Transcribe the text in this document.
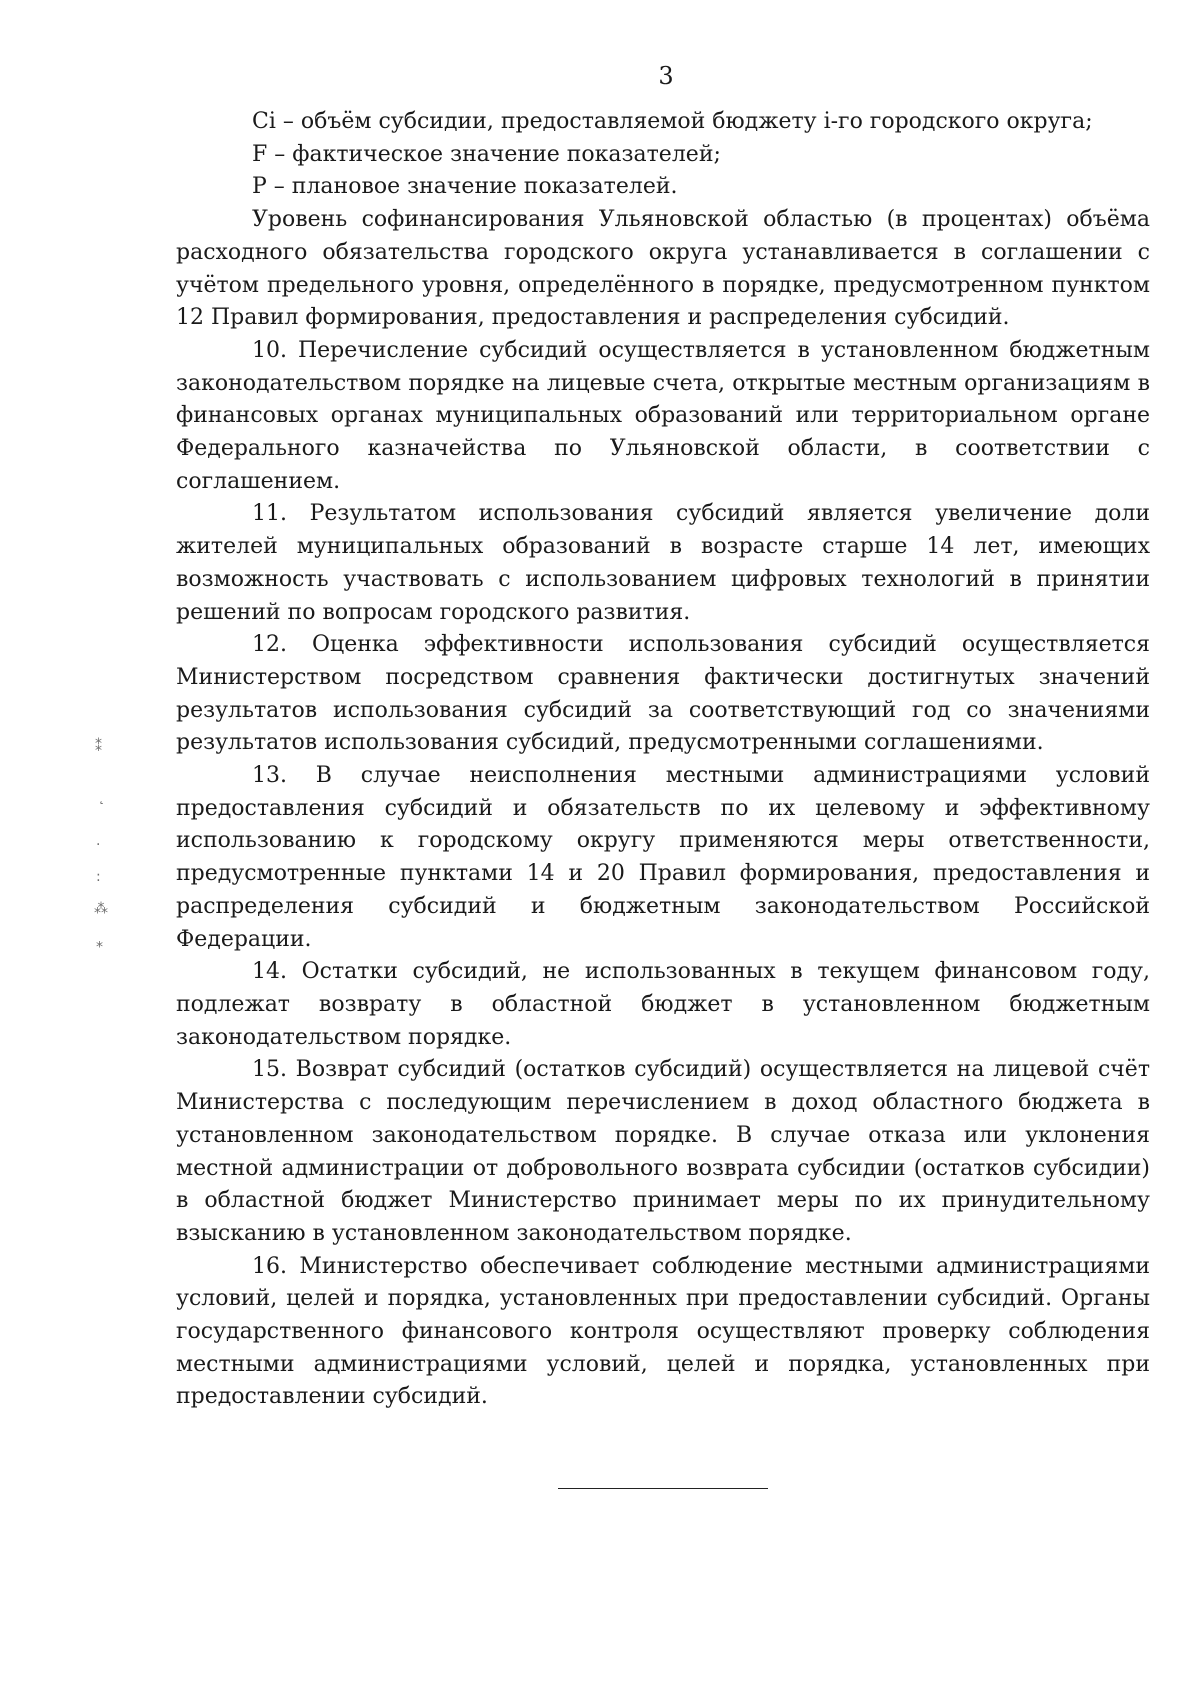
3

Ci – объём субсидии, предоставляемой бюджету i-го городского округа;

F – фактическое значение показателей;

P – плановое значение показателей.

Уровень софинансирования Ульяновской областью (в процентах) объёма расходного обязательства городского округа устанавливается в соглашении с учётом предельного уровня, определённого в порядке, предусмотренном пунктом 12 Правил формирования, предоставления и распределения субсидий.

10. Перечисление субсидий осуществляется в установленном бюджетным законодательством порядке на лицевые счета, открытые местным организациям в финансовых органах муниципальных образований или территориальном органе Федерального казначейства по Ульяновской области, в соответствии с соглашением.

11. Результатом использования субсидий является увеличение доли жителей муниципальных образований в возрасте старше 14 лет, имеющих возможность участвовать с использованием цифровых технологий в принятии решений по вопросам городского развития.

12. Оценка эффективности использования субсидий осуществляется Министерством посредством сравнения фактически достигнутых значений результатов использования субсидий за соответствующий год со значениями результатов использования субсидий, предусмотренными соглашениями.

13. В случае неисполнения местными администрациями условий предоставления субсидий и обязательств по их целевому и эффективному использованию к городскому округу применяются меры ответственности, предусмотренные пунктами 14 и 20 Правил формирования, предоставления и распределения субсидий и бюджетным законодательством Российской Федерации.

14. Остатки субсидий, не использованных в текущем финансовом году, подлежат возврату в областной бюджет в установленном бюджетным законодательством порядке.

15. Возврат субсидий (остатков субсидий) осуществляется на лицевой счёт Министерства с последующим перечислением в доход областного бюджета в установленном законодательством порядке. В случае отказа или уклонения местной администрации от добровольного возврата субсидии (остатков субсидии) в областной бюджет Министерство принимает меры по их принудительному взысканию в установленном законодательством порядке.

16. Министерство обеспечивает соблюдение местными администрациями условий, целей и порядка, установленных при предоставлении субсидий. Органы государственного финансового контроля осуществляют проверку соблюдения местными администрациями условий, целей и порядка, установленных при предоставлении субсидий.

⁑
˛
·
:
⁂
⁎
